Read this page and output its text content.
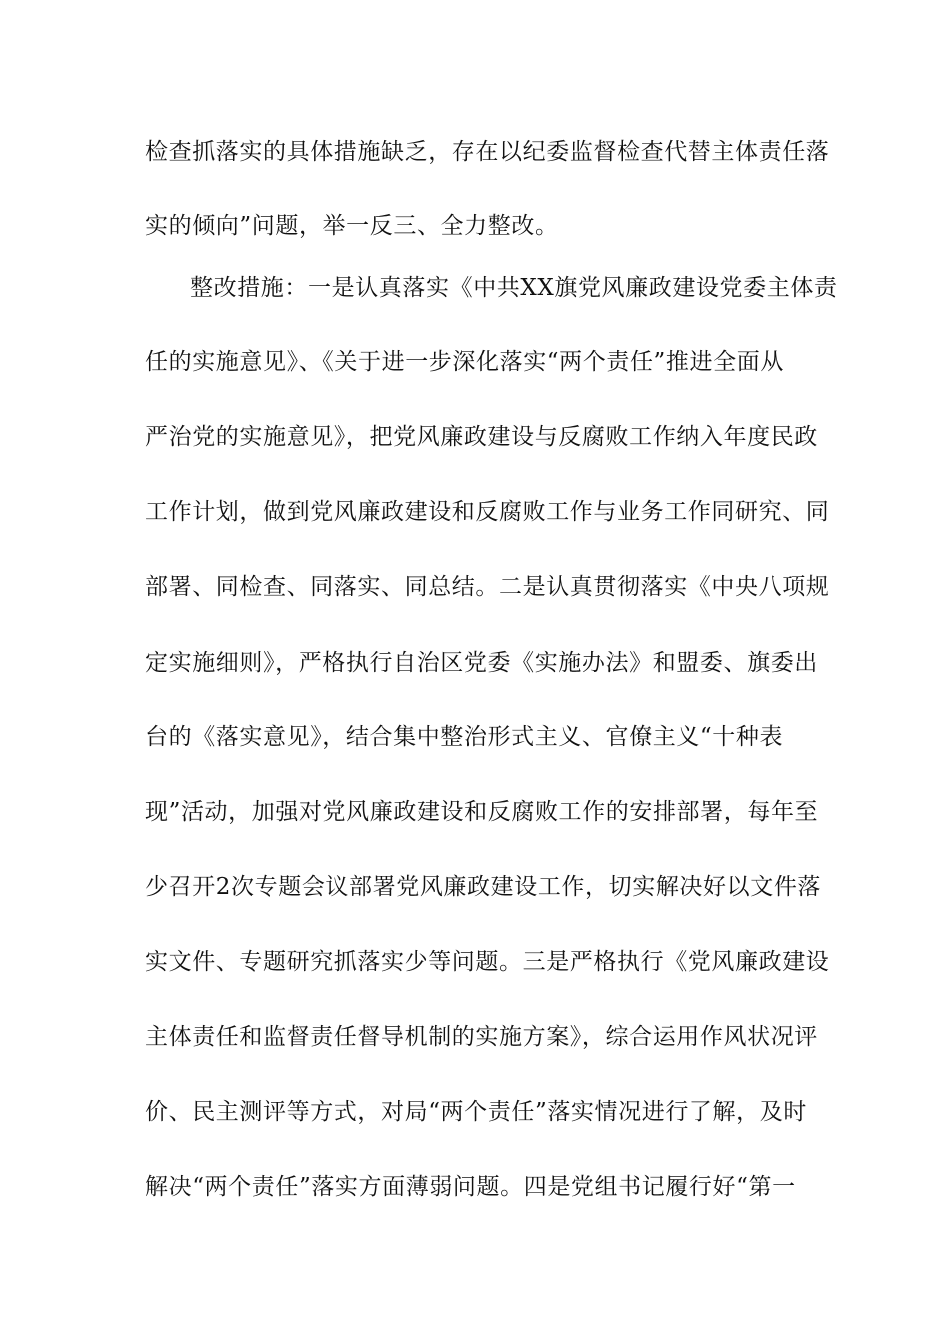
检查抓落实的具体措施缺乏，存在以纪委监督检查代替主体责任落
实的倾向”问题，举一反三、全力整改。
整改措施：一是认真落实《中共XX旗党风廉政建设党委主体责
任的实施意见》、《关于进一步深化落实“两个责任”推进全面从
严治党的实施意见》，把党风廉政建设与反腐败工作纳入年度民政
工作计划，做到党风廉政建设和反腐败工作与业务工作同研究、同
部署、同检查、同落实、同总结。二是认真贯彻落实《中央八项规
定实施细则》，严格执行自治区党委《实施办法》和盟委、旗委出
台的《落实意见》，结合集中整治形式主义、官僚主义“十种表
现”活动，加强对党风廉政建设和反腐败工作的安排部署，每年至
少召开2次专题会议部署党风廉政建设工作，切实解决好以文件落
实文件、专题研究抓落实少等问题。三是严格执行《党风廉政建设
主体责任和监督责任督导机制的实施方案》，综合运用作风状况评
价、民主测评等方式，对局“两个责任”落实情况进行了解，及时
解决“两个责任”落实方面薄弱问题。四是党组书记履行好“第一
